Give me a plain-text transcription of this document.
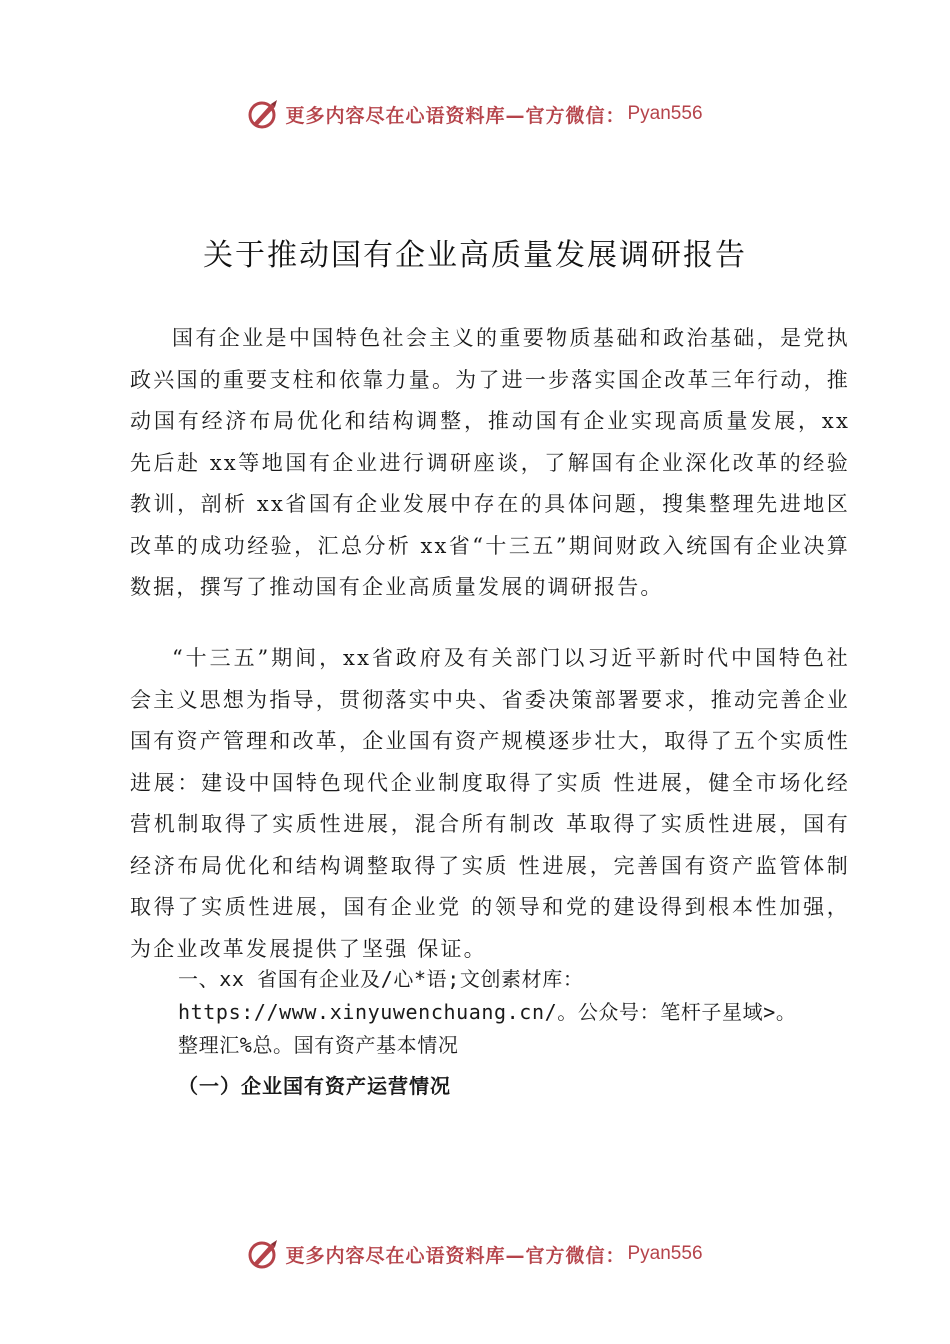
更多内容尽在心语资料库—官方微信： Pyan556
关于推动国有企业高质量发展调研报告
国有企业是中国特色社会主义的重要物质基础和政治基础，是党执政兴国的重要支柱和依靠力量。为了进一步落实国企改革三年行动，推动国有经济布局优化和结构调整，推动国有企业实现高质量发展，xx先后赴 xx等地国有企业进行调研座谈，了解国有企业深化改革的经验教训，剖析 xx省国有企业发展中存在的具体问题，搜集整理先进地区改革的成功经验，汇总分析 xx省“十三五”期间财政入统国有企业决算数据，撰写了推动国有企业高质量发展的调研报告。
“十三五”期间，xx省政府及有关部门以习近平新时代中国特色社会主义思想为指导，贯彻落实中央、省委决策部署要求，推动完善企业国有资产管理和改革，企业国有资产规模逐步壮大，取得了五个实质性进展：建设中国特色现代企业制度取得了实质 性进展，健全市场化经营机制取得了实质性进展，混合所有制改 革取得了实质性进展，国有经济布局优化和结构调整取得了实质 性进展，完善国有资产监管体制取得了实质性进展，国有企业党 的领导和党的建设得到根本性加强，为企业改革发展提供了坚强 保证。
一、xx 省国有企业及/心*语;文创素材库：
https://www.xinyuwenchuang.cn/。公众号：笔杆子星域>。
整理汇%总。国有资产基本情况
（一）企业国有资产运营情况
更多内容尽在心语资料库—官方微信： Pyan556
